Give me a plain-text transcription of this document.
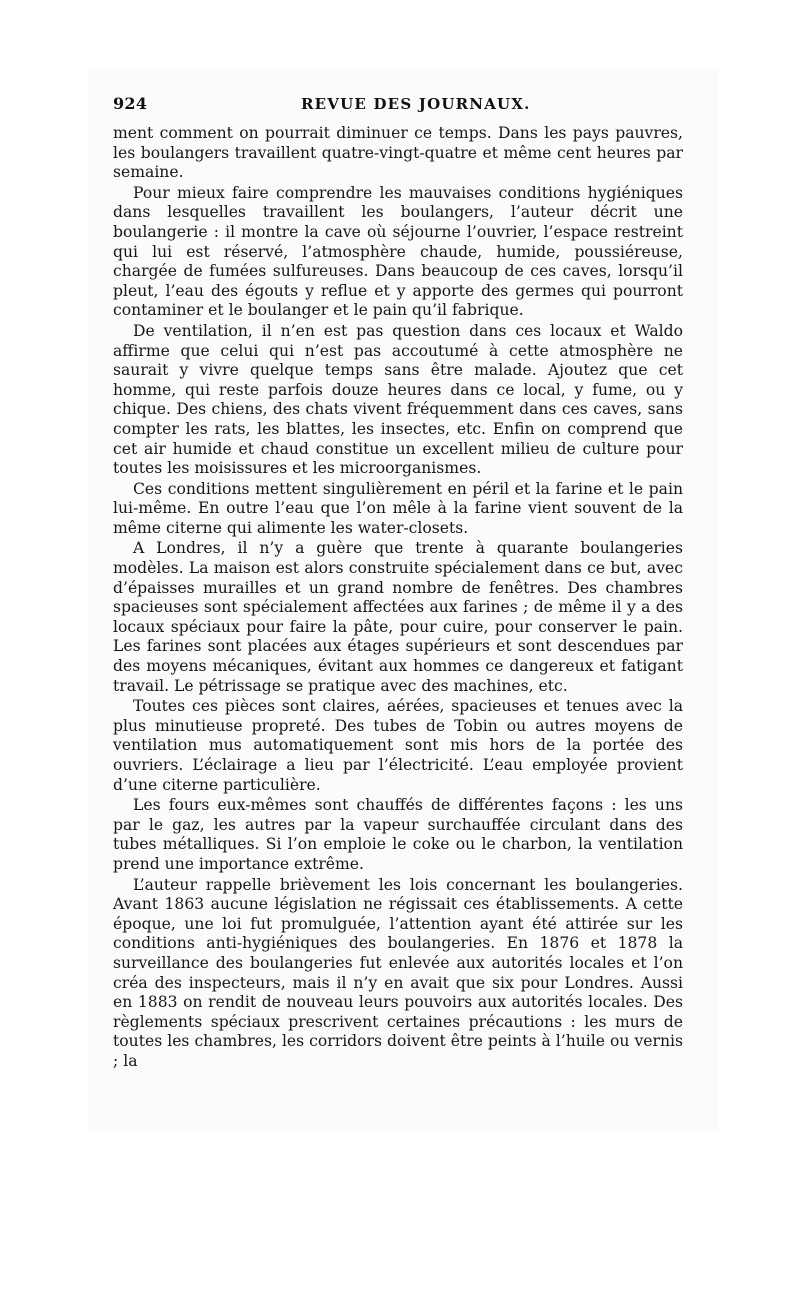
924	REVUE DES JOURNAUX.

ment comment on pourrait diminuer ce temps. Dans les pays pauvres, les boulangers travaillent quatre-vingt-quatre et même cent heures par semaine.

Pour mieux faire comprendre les mauvaises conditions hygiéniques dans lesquelles travaillent les boulangers, l’auteur décrit une boulangerie : il montre la cave où séjourne l’ouvrier, l’espace restreint qui lui est réservé, l’atmosphère chaude, humide, poussiéreuse, chargée de fumées sulfureuses. Dans beaucoup de ces caves, lorsqu’il pleut, l’eau des égouts y reflue et y apporte des germes qui pourront contaminer et le boulanger et le pain qu’il fabrique.

De ventilation, il n’en est pas question dans ces locaux et Waldo affirme que celui qui n’est pas accoutumé à cette atmosphère ne saurait y vivre quelque temps sans être malade. Ajoutez que cet homme, qui reste parfois douze heures dans ce local, y fume, ou y chique. Des chiens, des chats vivent fréquemment dans ces caves, sans compter les rats, les blattes, les insectes, etc. Enfin on comprend que cet air humide et chaud constitue un excellent milieu de culture pour toutes les moisissures et les microorganismes.

Ces conditions mettent singulièrement en péril et la farine et le pain lui-même. En outre l’eau que l’on mêle à la farine vient souvent de la même citerne qui alimente les water-closets.

A Londres, il n’y a guère que trente à quarante boulangeries modèles. La maison est alors construite spécialement dans ce but, avec d’épaisses murailles et un grand nombre de fenêtres. Des chambres spacieuses sont spécialement affectées aux farines ; de même il y a des locaux spéciaux pour faire la pâte, pour cuire, pour conserver le pain. Les farines sont placées aux étages supérieurs et sont descendues par des moyens mécaniques, évitant aux hommes ce dangereux et fatigant travail. Le pétrissage se pratique avec des machines, etc.

Toutes ces pièces sont claires, aérées, spacieuses et tenues avec la plus minutieuse propreté. Des tubes de Tobin ou autres moyens de ventilation mus automatiquement sont mis hors de la portée des ouvriers. L’éclairage a lieu par l’électricité. L’eau employée provient d’une citerne particulière.

Les fours eux-mêmes sont chauffés de différentes façons : les uns par le gaz, les autres par la vapeur surchauffée circulant dans des tubes métalliques. Si l’on emploie le coke ou le charbon, la ventilation prend une importance extrême.

L’auteur rappelle brièvement les lois concernant les boulangeries. Avant 1863 aucune législation ne régissait ces établissements. A cette époque, une loi fut promulguée, l’attention ayant été attirée sur les conditions anti-hygiéniques des boulangeries. En 1876 et 1878 la surveillance des boulangeries fut enlevée aux autorités locales et l’on créa des inspecteurs, mais il n’y en avait que six pour Londres. Aussi en 1883 on rendit de nouveau leurs pouvoirs aux autorités locales. Des règlements spéciaux prescrivent certaines précautions : les murs de toutes les chambres, les corridors doivent être peints à l’huile ou vernis ; la
